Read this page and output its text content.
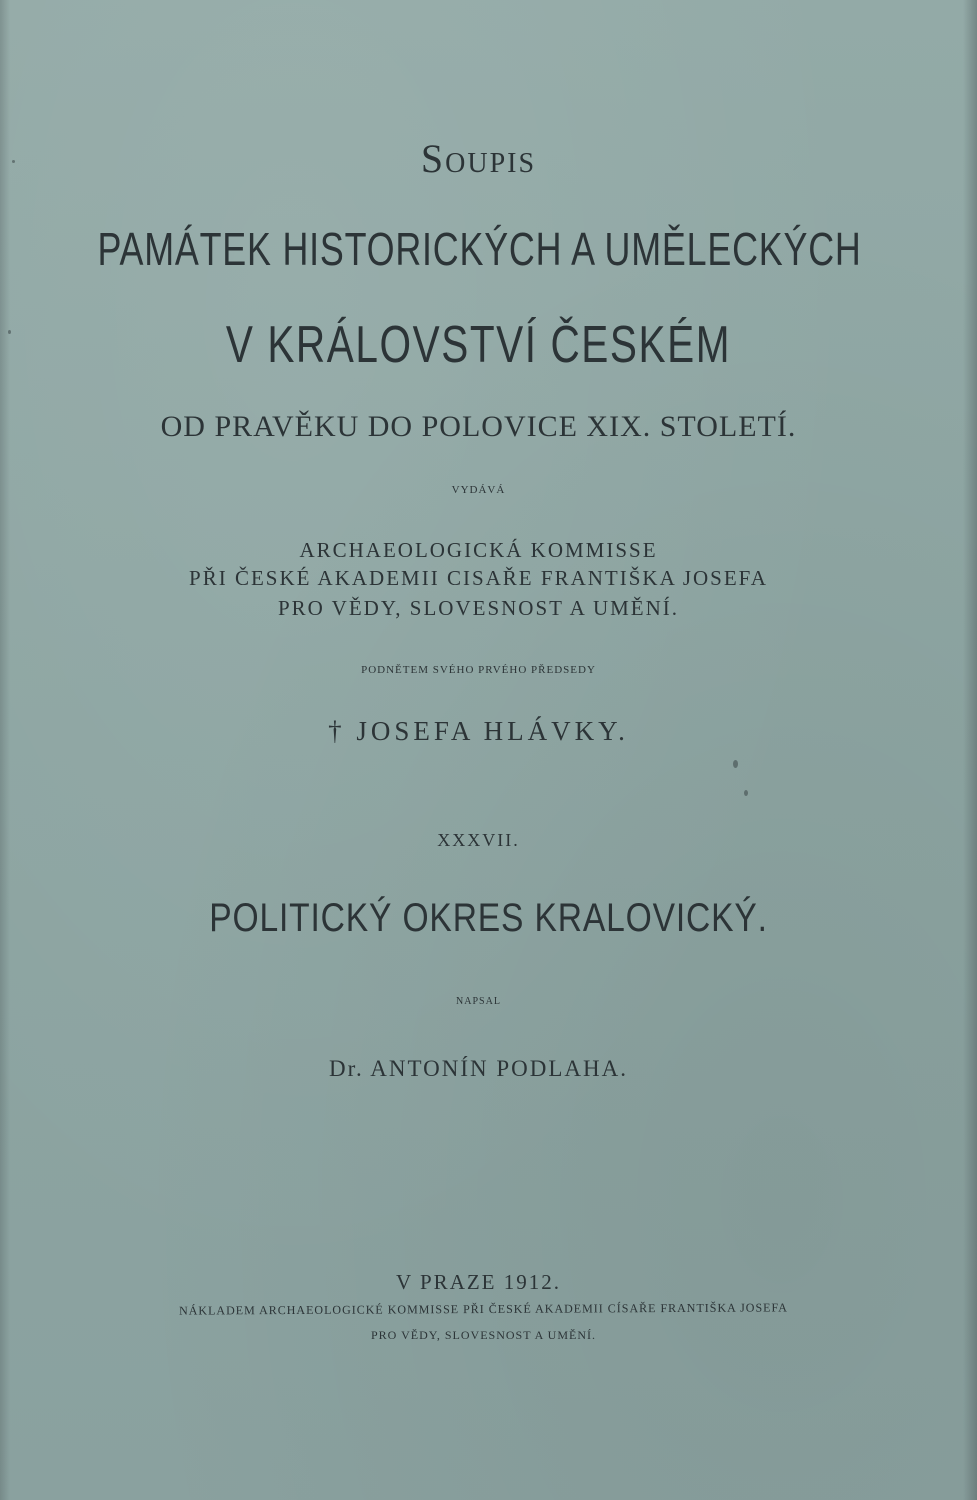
Soupis

PAMÁTEK HISTORICKÝCH A UMĚLECKÝCH

V KRÁLOVSTVÍ ČESKÉM

OD PRAVĚKU DO POLOVICE XIX. STOLETÍ.

VYDÁVÁ

ARCHAEOLOGICKÁ KOMMISSE

PŘI ČESKÉ AKADEMII CISAŘE FRANTIŠKA JOSEFA

PRO VĚDY, SLOVESNOST A UMĚNÍ.

PODNĚTEM SVÉHO PRVÉHO PŘEDSEDY

† JOSEFA HLÁVKY.

XXXVII.

POLITICKÝ OKRES KRALOVICKÝ.

NAPSAL

Dr. ANTONÍN PODLAHA.

V PRAZE 1912.

NÁKLADEM ARCHAEOLOGICKÉ KOMMISSE PŘI ČESKÉ AKADEMII CÍSAŘE FRANTIŠKA JOSEFA

PRO VĚDY, SLOVESNOST A UMĚNÍ.
